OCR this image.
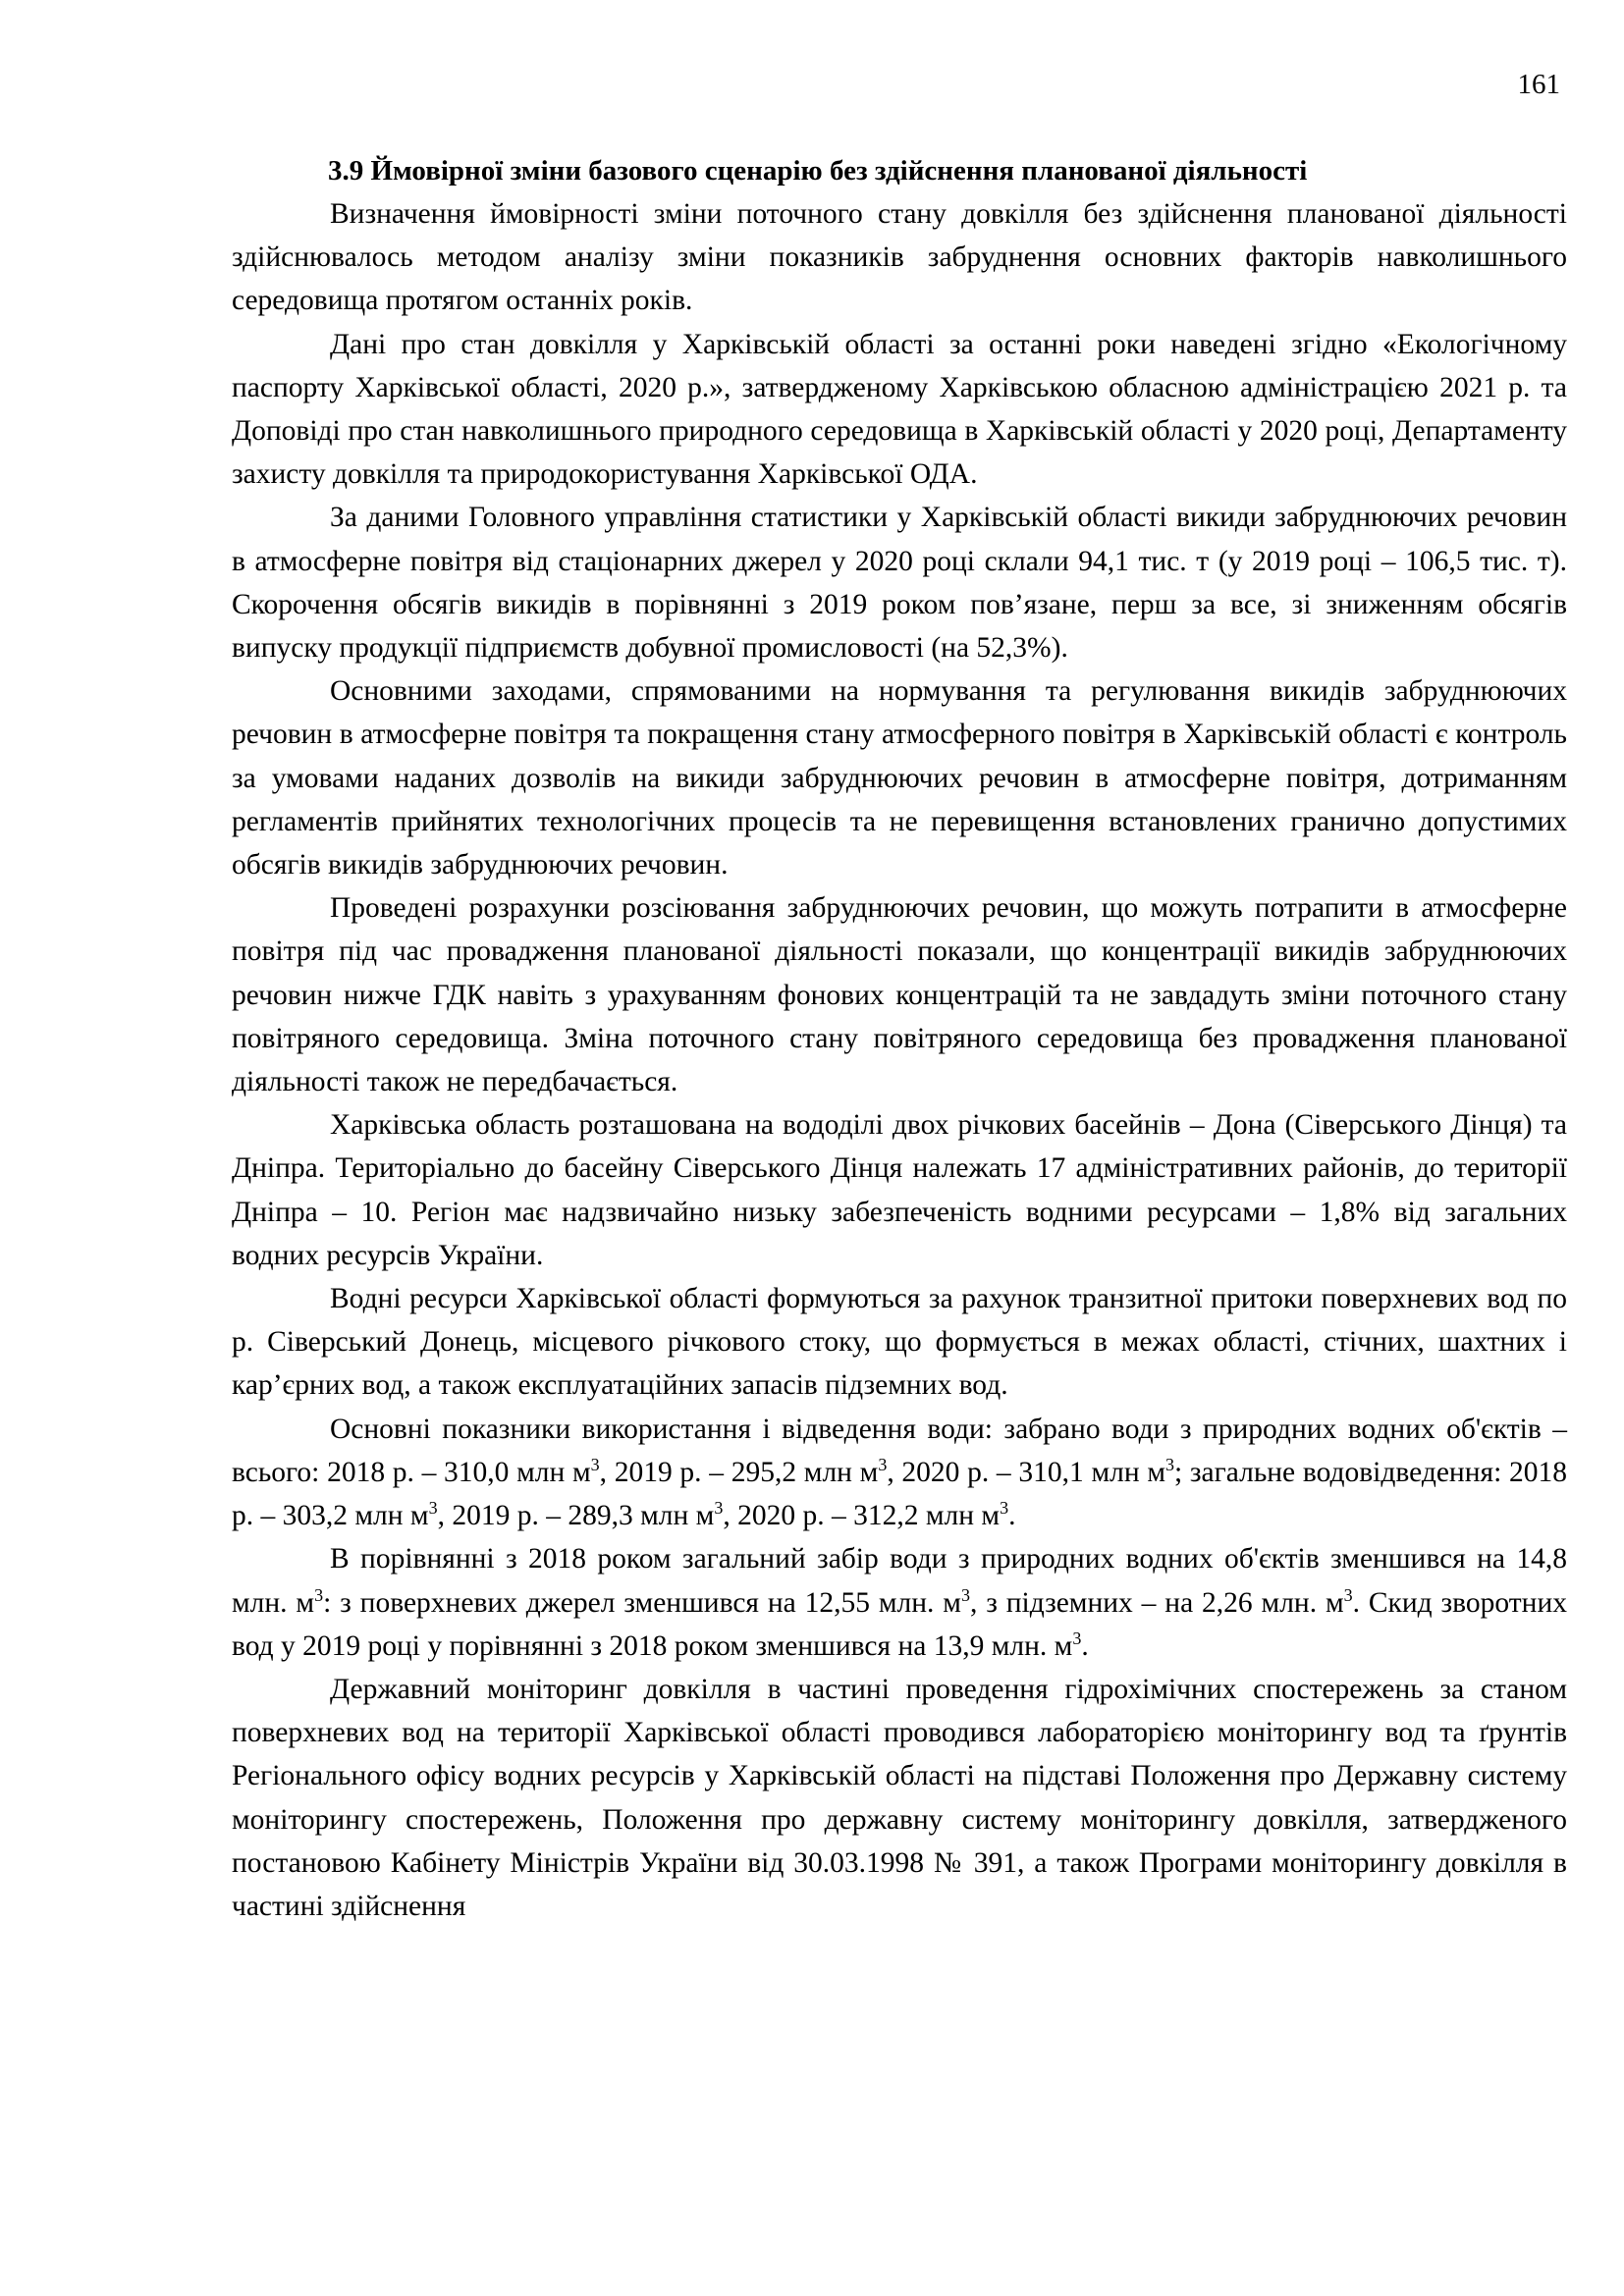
161
3.9 Ймовірної зміни базового сценарію без здійснення планованої діяльності

Визначення ймовірності зміни поточного стану довкілля без здійснення планованої діяльності здійснювалось методом аналізу зміни показників забруднення основних факторів навколишнього середовища протягом останніх років.

Дані про стан довкілля у Харківській області за останні роки наведені згідно «Екологічному паспорту Харківської області, 2020 р.», затвердженому Харківською обласною адміністрацією 2021 р. та Доповіді про стан навколишнього природного середовища в Харківській області у 2020 році, Департаменту захисту довкілля та природокористування Харківської ОДА.

За даними Головного управління статистики у Харківській області викиди забруднюючих речовин в атмосферне повітря від стаціонарних джерел у 2020 році склали 94,1 тис. т (у 2019 році – 106,5 тис. т). Скорочення обсягів викидів в порівнянні з 2019 роком пов’язане, перш за все, зі зниженням обсягів випуску продукції підприємств добувної промисловості (на 52,3%).

Основними заходами, спрямованими на нормування та регулювання викидів забруднюючих речовин в атмосферне повітря та покращення стану атмосферного повітря в Харківській області є контроль за умовами наданих дозволів на викиди забруднюючих речовин в атмосферне повітря, дотриманням регламентів прийнятих технологічних процесів та не перевищення встановлених гранично допустимих обсягів викидів забруднюючих речовин.

Проведені розрахунки розсіювання забруднюючих речовин, що можуть потрапити в атмосферне повітря під час провадження планованої діяльності показали, що концентрації викидів забруднюючих речовин нижче ГДК навіть з урахуванням фонових концентрацій та не завдадуть зміни поточного стану повітряного середовища. Зміна поточного стану повітряного середовища без провадження планованої діяльності також не передбачається.

Харківська область розташована на вододілі двох річкових басейнів – Дона (Сіверського Дінця) та Дніпра. Територіально до басейну Сіверського Дінця належать 17 адміністративних районів, до території Дніпра – 10. Регіон має надзвичайно низьку забезпеченість водними ресурсами – 1,8% від загальних водних ресурсів України.

Водні ресурси Харківської області формуються за рахунок транзитної притоки поверхневих вод по р. Сіверський Донець, місцевого річкового стоку, що формується в межах області, стічних, шахтних і кар’єрних вод, а також експлуатаційних запасів підземних вод.

Основні показники використання і відведення води: забрано води з природних водних об'єктів – всього: 2018 р. – 310,0 млн $м^3$, 2019 р. – 295,2 млн $м^3$, 2020 р. – 310,1 млн $м^3$; загальне водовідведення: 2018 р. – 303,2 млн $м^3$, 2019 р. – 289,3 млн $м^3$, 2020 р. – 312,2 млн $м^3$.

В порівнянні з 2018 роком загальний забір води з природних водних об'єктів зменшився на 14,8 млн. $м^3$: з поверхневих джерел зменшився на 12,55 млн. $м^3$, з підземних – на 2,26 млн. $м^3$. Скид зворотних вод у 2019 році у порівнянні з 2018 роком зменшився на 13,9 млн. $м^3$.

Державний моніторинг довкілля в частині проведення гідрохімічних спостережень за станом поверхневих вод на території Харківської області проводився лабораторією моніторингу вод та ґрунтів Регіонального офісу водних ресурсів у Харківській області на підставі Положення про Державну систему моніторингу спостережень, Положення про державну систему моніторингу довкілля, затвердженого постановою Кабінету Міністрів України від 30.03.1998 № 391, а також Програми моніторингу довкілля в частині здійснення
